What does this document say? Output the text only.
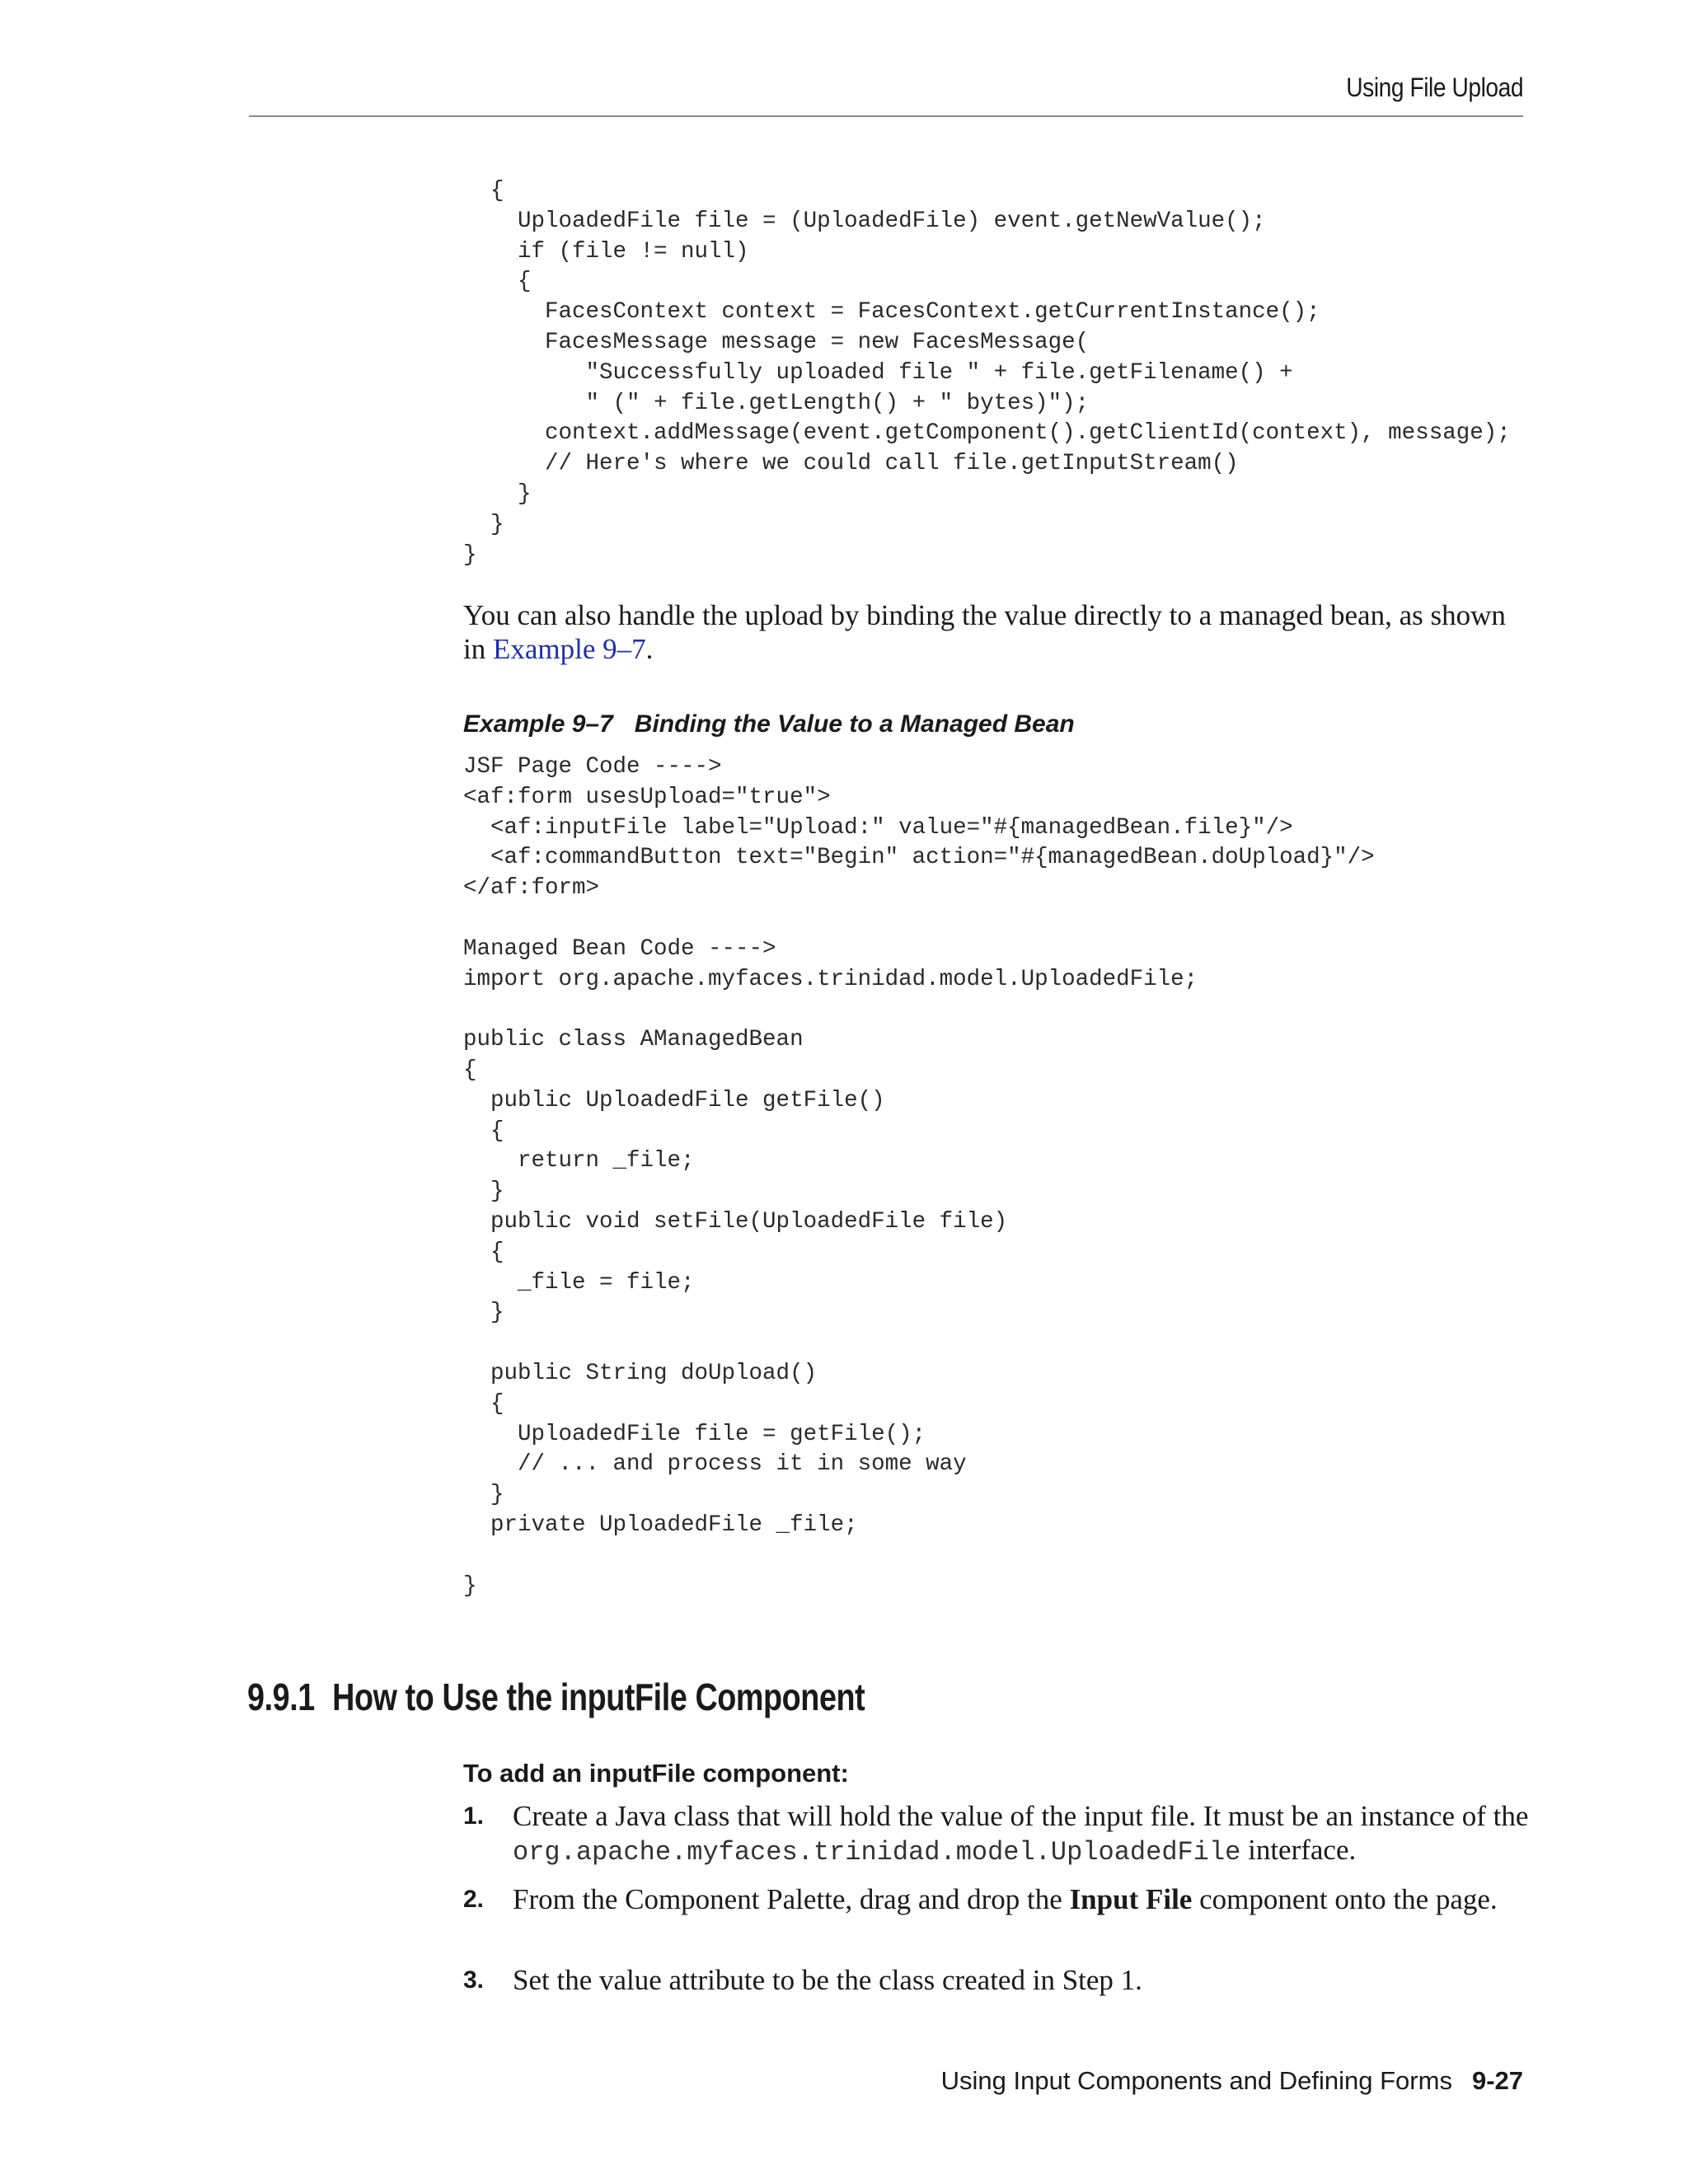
Using File Upload
{
UploadedFile file = (UploadedFile) event.getNewValue();
if (file != null)
{
FacesContext context = FacesContext.getCurrentInstance();
FacesMessage message = new FacesMessage(
"Successfully uploaded file " + file.getFilename() +
" (" + file.getLength() + " bytes)");
context.addMessage(event.getComponent().getClientId(context), message);
// Here's where we could call file.getInputStream()
}
}
}

You can also handle the upload by binding the value directly to a managed bean, as shown in Example 9–7.

Example 9–7 Binding the Value to a Managed Bean
JSF Page Code ---->
<af:form usesUpload="true">
<af:inputFile label="Upload:" value="#{managedBean.file}"/>
<af:commandButton text="Begin" action="#{managedBean.doUpload}"/>
</af:form>

Managed Bean Code ---->
import org.apache.myfaces.trinidad.model.UploadedFile;

public class AManagedBean
{
public UploadedFile getFile()
{
return _file;
}
public void setFile(UploadedFile file)
{
_file = file;
}

public String doUpload()
{
UploadedFile file = getFile();
// ... and process it in some way
}
private UploadedFile _file;

}
9.9.1 How to Use the inputFile Component
To add an inputFile component:
1. Create a Java class that will hold the value of the input file. It must be an instance of the org.apache.myfaces.trinidad.model.UploadedFile interface.
2. From the Component Palette, drag and drop the Input File component onto the page.
3. Set the value attribute to be the class created in Step 1.
Using Input Components and Defining Forms 9-27
